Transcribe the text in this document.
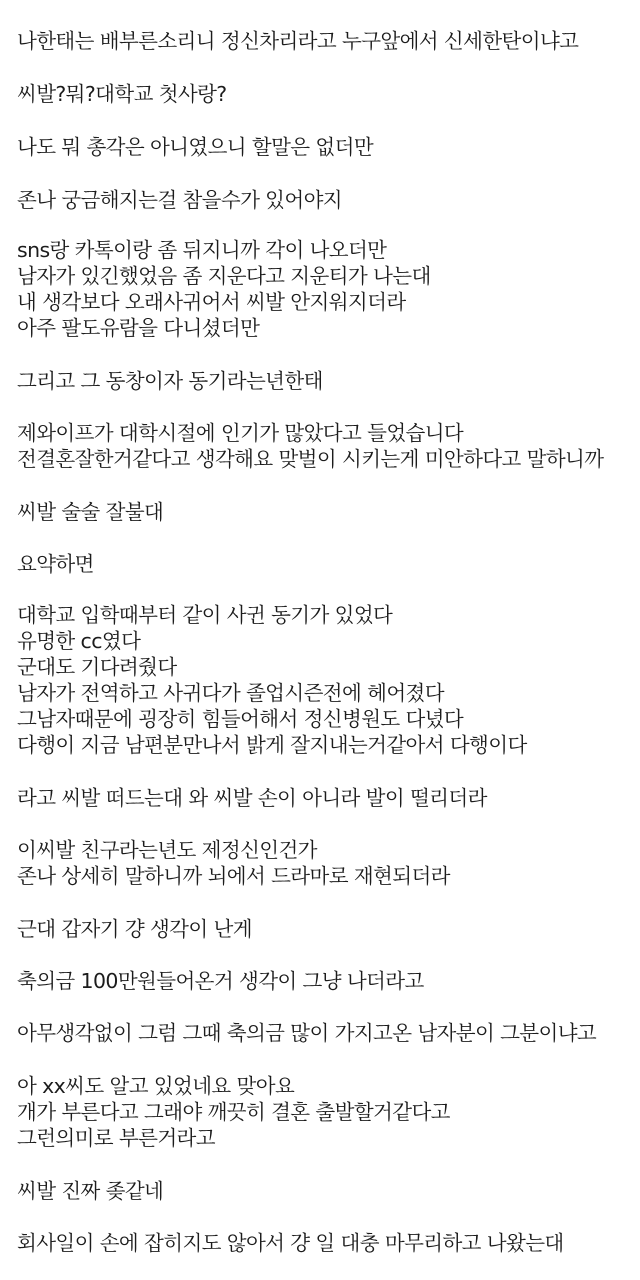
나한태는 배부른소리니 정신차리라고 누구앞에서 신세한탄이냐고
씨발?뭐?대학교 첫사랑?
나도 뭐 총각은 아니였으니 할말은 없더만
존나 궁금해지는걸 참을수가 있어야지
sns랑 카톡이랑 좀 뒤지니까 각이 나오더만
남자가 있긴했었음 좀 지운다고 지운티가 나는대
내 생각보다 오래사귀어서 씨발 안지워지더라
아주 팔도유람을 다니셨더만
그리고 그 동창이자 동기라는년한태
제와이프가 대학시절에 인기가 많았다고 들었습니다
전결혼잘한거같다고 생각해요 맞벌이 시키는게 미안하다고 말하니까
씨발 술술 잘불대
요약하면
대학교 입학때부터 같이 사귄 동기가 있었다
유명한 cc였다
군대도 기다려줬다
남자가 전역하고 사귀다가 졸업시즌전에 헤어졌다
그남자때문에 굉장히 힘들어해서 정신병원도 다녔다
다행이 지금 남편분만나서 밝게 잘지내는거같아서 다행이다
라고 씨발 떠드는대 와 씨발 손이 아니라 발이 떨리더라
이씨발 친구라는년도 제정신인건가
존나 상세히 말하니까 뇌에서 드라마로 재현되더라
근대 갑자기 걍 생각이 난게
축의금 100만원들어온거 생각이 그냥 나더라고
아무생각없이 그럼 그때 축의금 많이 가지고온 남자분이 그분이냐고
아 xx씨도 알고 있었네요 맞아요
개가 부른다고 그래야 깨끗히 결혼 출발할거같다고
그런의미로 부른거라고
씨발 진짜 좆같네
회사일이 손에 잡히지도 않아서 걍 일 대충 마무리하고 나왔는대
